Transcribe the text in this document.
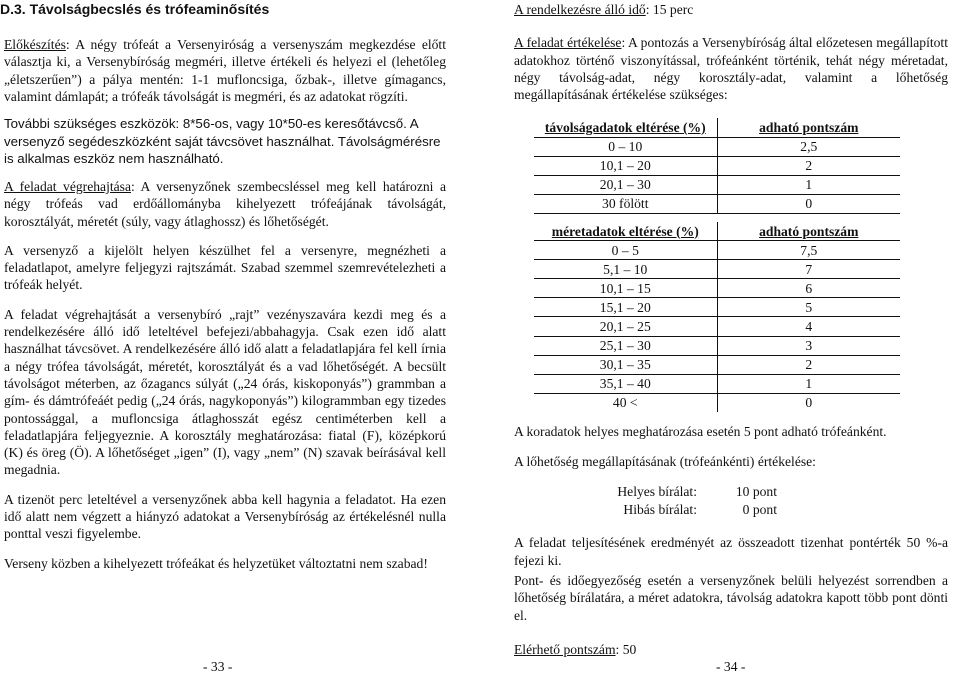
D.3. Távolságbecslés és trófeaminősítés

Előkészítés: A négy trófeát a Versenyiróság a versenyszám megkezdése előtt választja ki, a Versenybíróság megméri, illetve értékeli és helyezi el (lehetőleg „életszerűen”) a pálya mentén: 1-1 mufloncsiga, őzbak-, illetve gímagancs, valamint dámlapát; a trófeák távolságát is megméri, és az adatokat rögzíti.

További szükséges eszközök: 8*56-os, vagy 10*50-es keresőtávcső. A versenyző segédeszközként saját távcsövet használhat. Távolságmérésre is alkalmas eszköz nem használható.

A feladat végrehajtása: A versenyzőnek szembecsléssel meg kell határozni a négy trófeás vad erdőállományba kihelyezett trófeájának távolságát, korosztályát, méretét (súly, vagy átlaghossz) és lőhetőségét.

A versenyző a kijelölt helyen készülhet fel a versenyre, megnézheti a feladatlapot, amelyre feljegyzi rajtszámát. Szabad szemmel szemrevételezheti a trófeák helyét.

A feladat végrehajtását a versenybíró „rajt” vezényszavára kezdi meg és a rendelkezésére álló idő leteltével befejezi/abbahagyja. Csak ezen idő alatt használhat távcsövet. A rendelkezésére álló idő alatt a feladatlapjára fel kell írnia a négy trófea távolságát, méretét, korosztályát és a vad lőhetőségét. A becsült távolságot méterben, az őzagancs súlyát („24 órás, kiskoponyás”) grammban a gím- és dámtrófeáét pedig („24 órás, nagykoponyás”) kilogrammban egy tizedes pontossággal, a mufloncsiga átlaghosszát egész centiméterben kell a feladatlapjára feljegyeznie. A korosztály meghatározása: fiatal (F), középkorú (K) és öreg (Ö). A lőhetőséget „igen” (I), vagy „nem” (N) szavak beírásával kell megadnia.

A tizenöt perc leteltével a versenyzőnek abba kell hagynia a feladatot. Ha ezen idő alatt nem végzett a hiányzó adatokat a Versenybíróság az értékelésnél nulla ponttal veszi figyelembe.

Verseny közben a kihelyezett trófeákat és helyzetüket változtatni nem szabad!

- 33 -

A rendelkezésre álló idő: 15 perc

A feladat értékelése: A pontozás a Versenybíróság által előzetesen megállapított adatokhoz történő viszonyítással, trófeánként történik, tehát négy méretadat, négy távolság-adat, négy korosztály-adat, valamint a lőhetőség megállapításának értékelése szükséges:

távolságadatok eltérése (%)	adható pontszám
0 – 10	2,5
10,1 – 20	2
20,1 – 30	1
30 fölött	0
méretadatok eltérése (%)	adható pontszám
0 – 5	7,5
5,1 – 10	7
10,1 – 15	6
15,1 – 20	5
20,1 – 25	4
25,1 – 30	3
30,1 – 35	2
35,1 – 40	1
40 <	0

A koradatok helyes meghatározása esetén 5 pont adható trófeánként.

A lőhetőség megállapításának (trófeánkénti) értékelése:

Helyes bírálat:	10 pont
Hibás bírálat:	0 pont

A feladat teljesítésének eredményét az összeadott tizenhat pontérték 50 %-a fejezi ki.

Pont- és időegyezőség esetén a versenyzőnek belüli helyezést sorrendben a lőhetőség bírálatára, a méret adatokra, távolság adatokra kapott több pont dönti el.

Elérhető pontszám: 50

- 34 -
